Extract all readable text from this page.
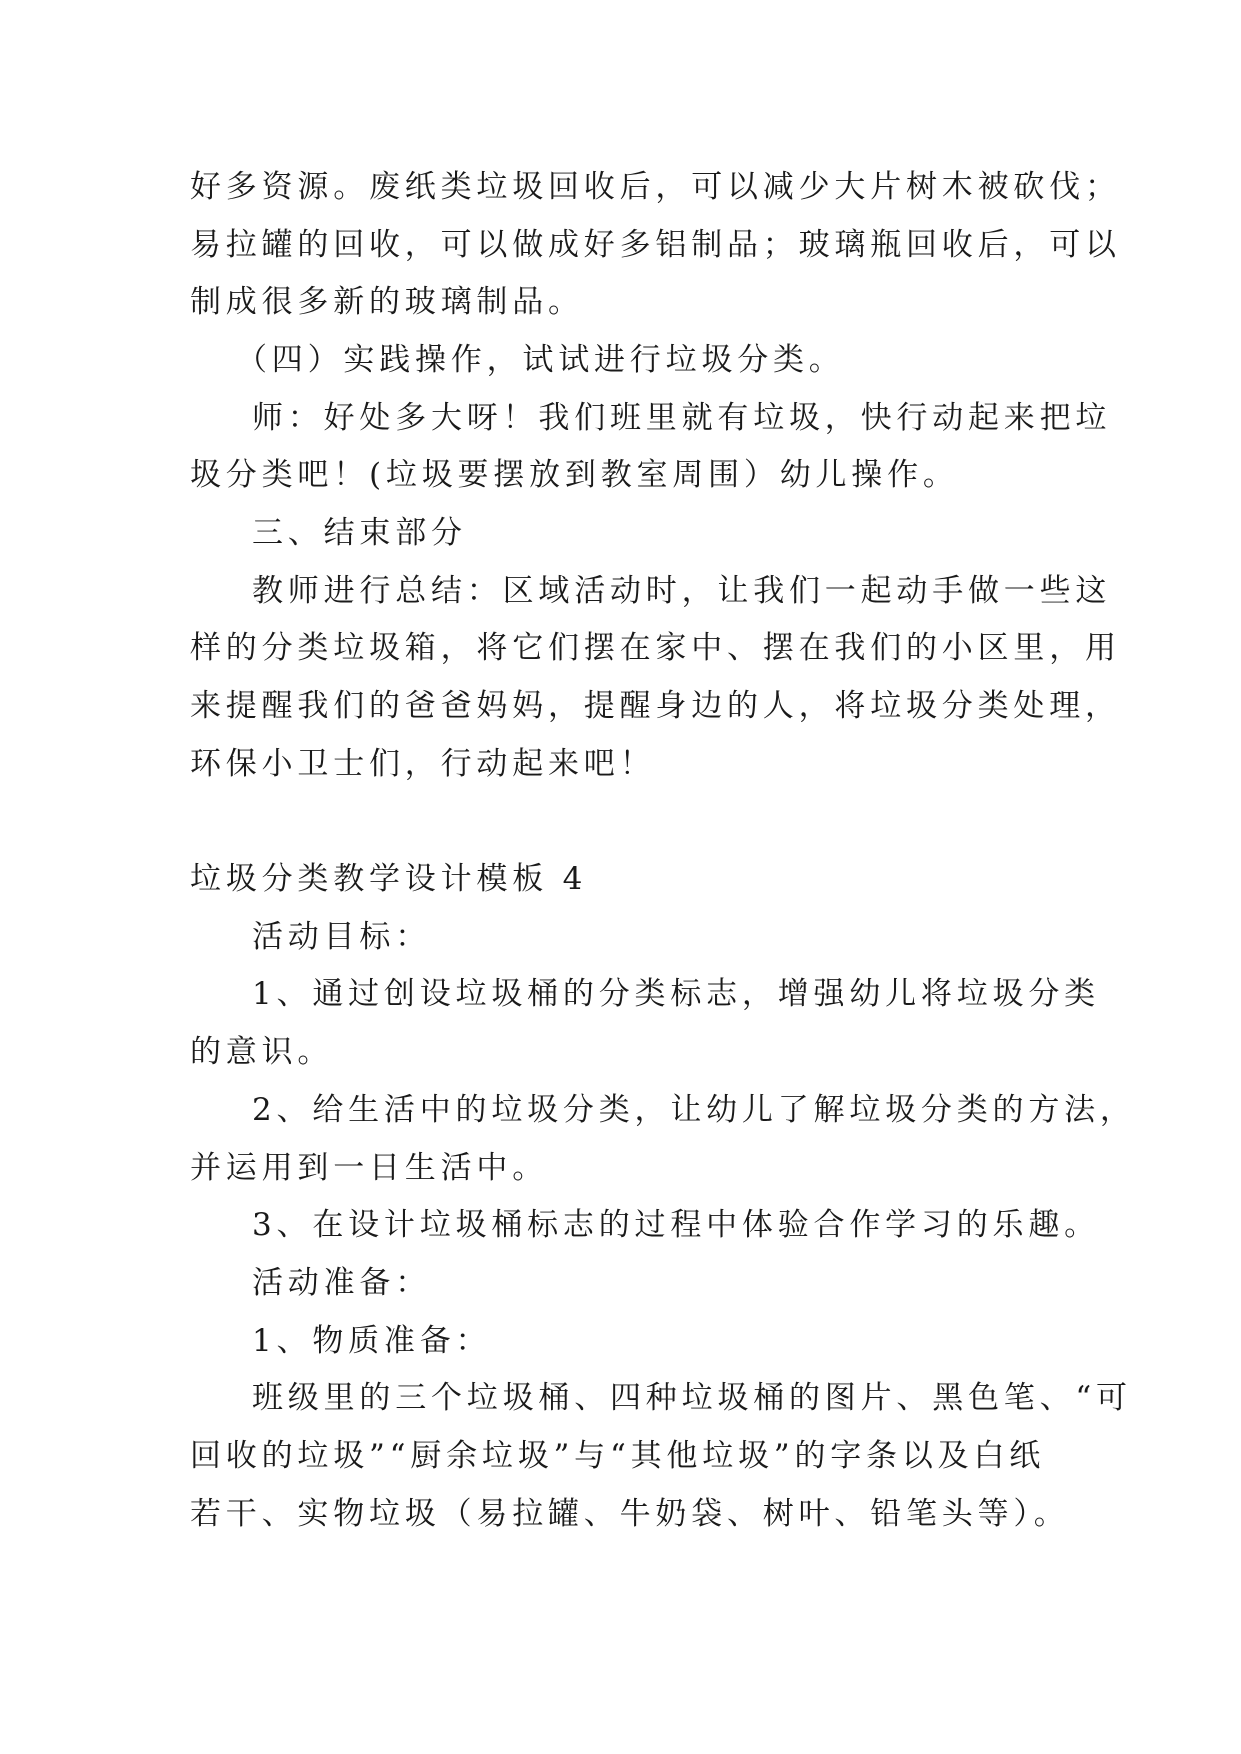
好多资源。废纸类垃圾回收后，可以减少大片树木被砍伐；

易拉罐的回收，可以做成好多铝制品；玻璃瓶回收后，可以

制成很多新的玻璃制品。

（四）实践操作，试试进行垃圾分类。

师：好处多大呀！我们班里就有垃圾，快行动起来把垃

圾分类吧！(垃圾要摆放到教室周围）幼儿操作。

三、结束部分

教师进行总结：区域活动时，让我们一起动手做一些这

样的分类垃圾箱，将它们摆在家中、摆在我们的小区里，用

来提醒我们的爸爸妈妈，提醒身边的人，将垃圾分类处理，

环保小卫士们，行动起来吧！

垃圾分类教学设计模板 4

活动目标：

1、通过创设垃圾桶的分类标志，增强幼儿将垃圾分类

的意识。

2、给生活中的垃圾分类，让幼儿了解垃圾分类的方法，

并运用到一日生活中。

3、在设计垃圾桶标志的过程中体验合作学习的乐趣。

活动准备：

1、物质准备：

班级里的三个垃圾桶、四种垃圾桶的图片、黑色笔、“可

回收的垃圾”“厨余垃圾”与“其他垃圾”的字条以及白纸

若干、实物垃圾（易拉罐、牛奶袋、树叶、铅笔头等）。
